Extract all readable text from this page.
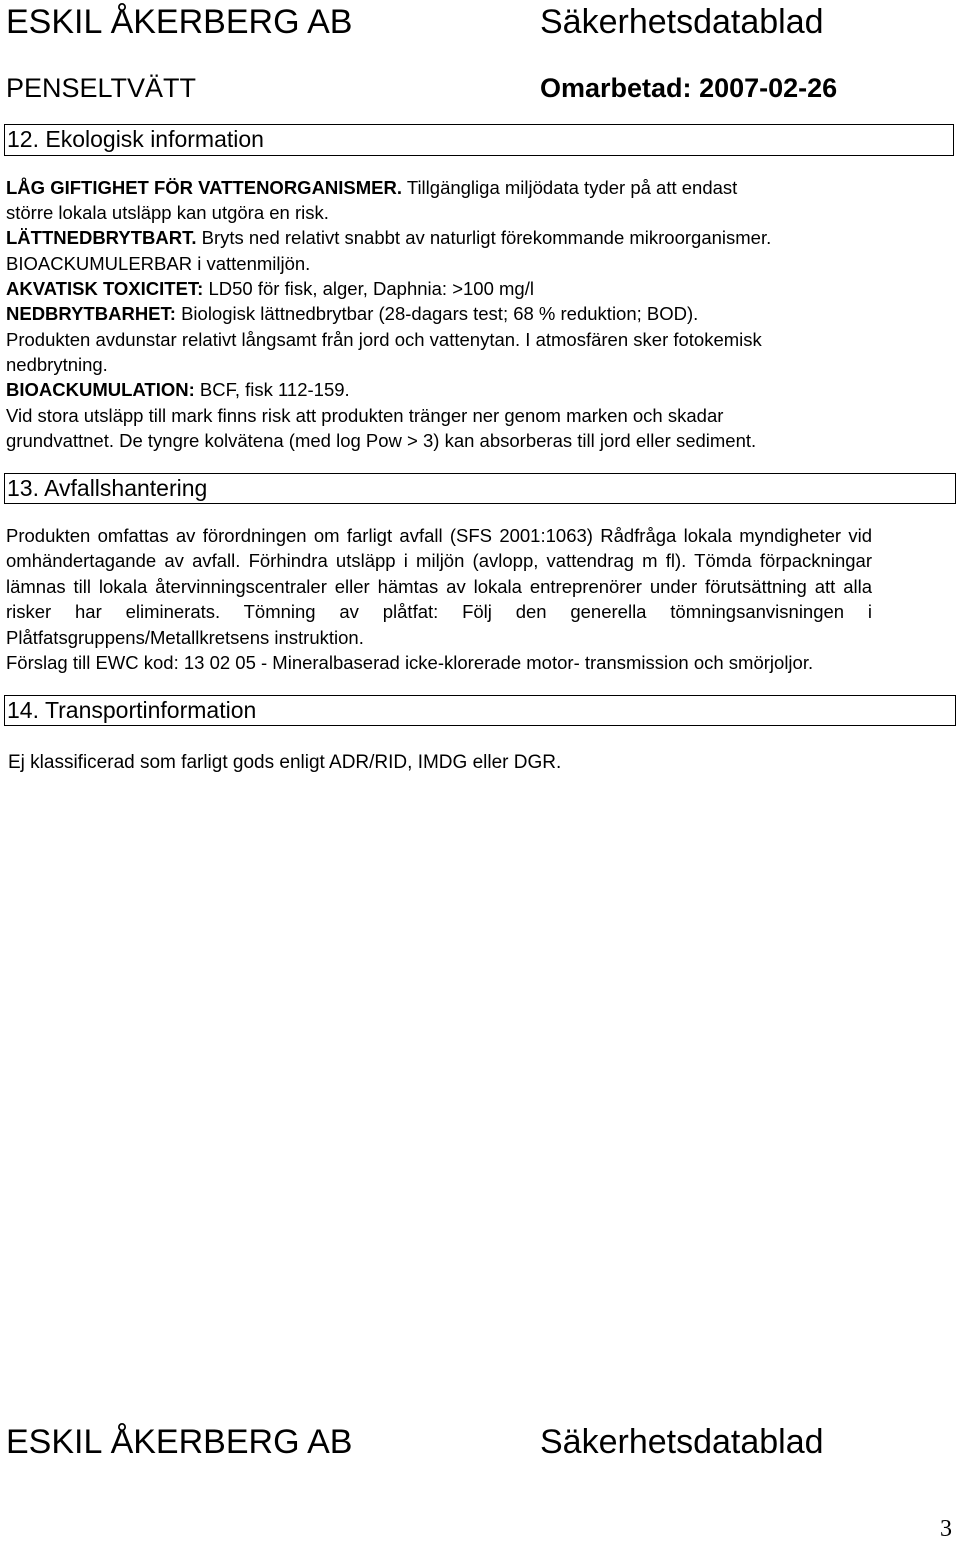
ESKIL ÅKERBERG AB	Säkerhetsdatablad
PENSELTVÄTT	Omarbetad: 2007-02-26
12. Ekologisk information
LÅG GIFTIGHET FÖR VATTENORGANISMER. Tillgängliga miljödata tyder på att endast
större lokala utsläpp kan utgöra en risk.
LÄTTNEDBRYTBART. Bryts ned relativt snabbt av naturligt förekommande mikroorganismer.
BIOACKUMULERBAR i vattenmiljön.
AKVATISK TOXICITET: LD50 för fisk, alger, Daphnia: >100 mg/l
NEDBRYTBARHET: Biologisk lättnedbrytbar (28-dagars test; 68 % reduktion; BOD).
Produkten avdunstar relativt långsamt från jord och vattenytan. I atmosfären sker fotokemisk
nedbrytning.
BIOACKUMULATION: BCF, fisk 112-159.
Vid stora utsläpp till mark finns risk att produkten tränger ner genom marken och skadar
grundvattnet. De tyngre kolvätena (med log Pow > 3) kan absorberas till jord eller sediment.
13. Avfallshantering

Produkten omfattas av förordningen om farligt avfall (SFS 2001:1063) Rådfråga lokala myndigheter vid omhändertagande av avfall. Förhindra utsläpp i miljön (avlopp, vattendrag m fl). Tömda förpackningar lämnas till lokala återvinningscentraler eller hämtas av lokala entreprenörer under förutsättning att alla risker har eliminerats. Tömning av plåtfat: Följ den generella tömningsanvisningen i Plåtfatsgruppens/Metallkretsens instruktion.

Förslag till EWC kod: 13 02 05 - Mineralbaserad icke-klorerade motor- transmission och smörjoljor.

14. Transportinformation
Ej klassificerad som farligt gods enligt ADR/RID, IMDG eller DGR.
ESKIL ÅKERBERG AB	Säkerhetsdatablad
3
